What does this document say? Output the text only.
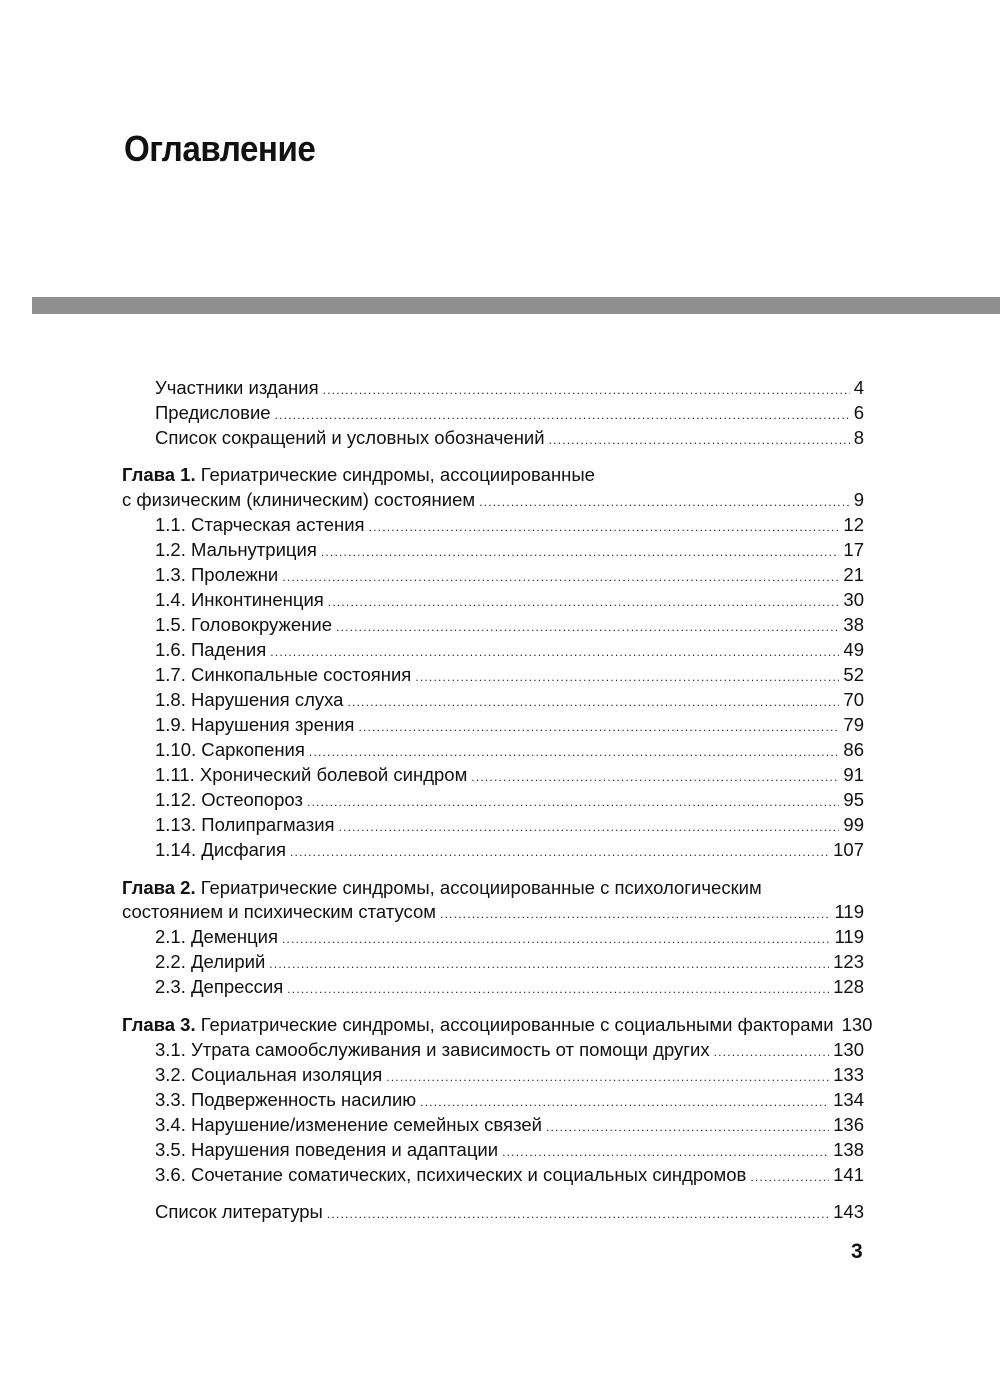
Оглавление
Участники издания .....	4
Предисловие .....	6
Список сокращений и условных обозначений .....	8
Глава 1. Гериатрические синдромы, ассоциированные
с физическим (клиническим) состоянием .....	9
1.1. Старческая астения .....	12
1.2. Мальнутриция .....	17
1.3. Пролежни .....	21
1.4. Инконтиненция .....	30
1.5. Головокружение .....	38
1.6. Падения .....	49
1.7. Синкопальные состояния .....	52
1.8. Нарушения слуха .....	70
1.9. Нарушения зрения .....	79
1.10. Саркопения .....	86
1.11. Хронический болевой синдром .....	91
1.12. Остеопороз .....	95
1.13. Полипрагмазия .....	99
1.14. Дисфагия .....	107
Глава 2. Гериатрические синдромы, ассоциированные с психологическим
состоянием и психическим статусом .....	119
2.1. Деменция .....	119
2.2. Делирий .....	123
2.3. Депрессия .....	128
Глава 3. Гериатрические синдромы, ассоциированные с социальными факторами 130
3.1. Утрата самообслуживания и зависимость от помощи других .....	130
3.2. Социальная изоляция .....	133
3.3. Подверженность насилию .....	134
3.4. Нарушение/изменение семейных связей .....	136
3.5. Нарушения поведения и адаптации .....	138
3.6. Сочетание соматических, психических и социальных синдромов .....	141
Список литературы .....	143
3
